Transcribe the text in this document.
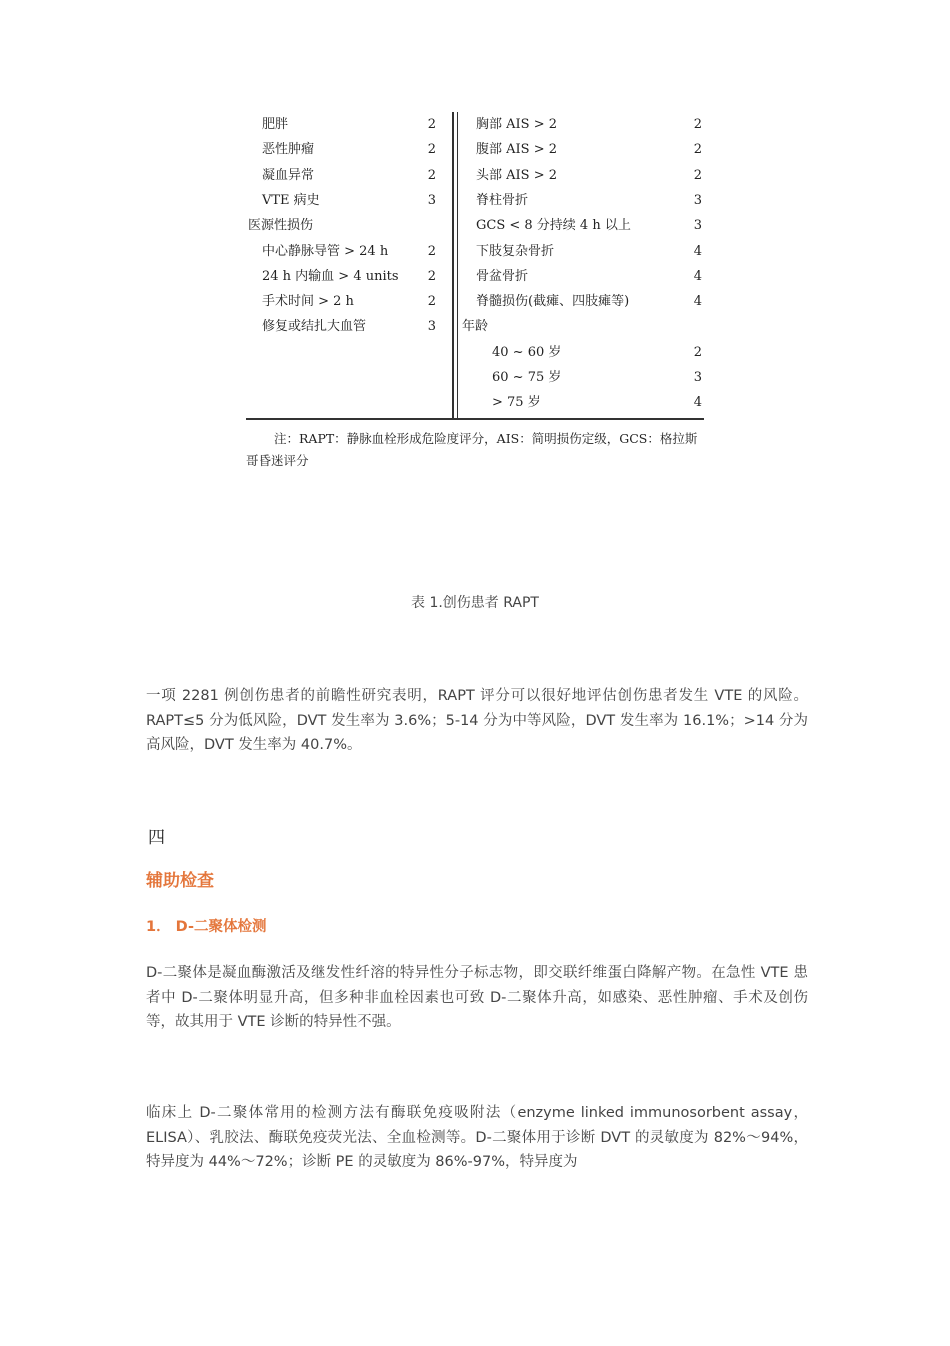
肥胖	2
恶性肿瘤	2
凝血异常	2
VTE 病史	3
医源性损伤
中心静脉导管 > 24 h	2
24 h 内输血 > 4 units 2
手术时间 > 2 h	2
修复或结扎大血管	3
胸部 AIS > 2	2
腹部 AIS > 2	2
头部 AIS > 2	2
脊柱骨折	3
GCS < 8 分持续 4 h 以上	3
下肢复杂骨折	4
骨盆骨折	4
脊髓损伤(截瘫、四肢瘫等)	4
年龄
40 ~ 60 岁	2
60 ~ 75 岁	3
> 75 岁	4
注：RAPT：静脉血栓形成危险度评分，AIS：简明损伤定级，GCS：格拉斯哥昏迷评分
表 1.创伤患者 RAPT
一项 2281 例创伤患者的前瞻性研究表明，RAPT 评分可以很好地评估创伤患者发生 VTE 的风险。RAPT≤5 分为低风险，DVT 发生率为 3.6%；5-14 分为中等风险，DVT 发生率为 16.1%；>14 分为高风险，DVT 发生率为 40.7%。
四
辅助检查
1． D-二聚体检测
D-二聚体是凝血酶激活及继发性纤溶的特异性分子标志物，即交联纤维蛋白降解产物。在急性 VTE 患者中 D-二聚体明显升高，但多种非血栓因素也可致 D-二聚体升高，如感染、恶性肿瘤、手术及创伤等，故其用于 VTE 诊断的特异性不强。
临床上 D-二聚体常用的检测方法有酶联免疫吸附法（enzyme linked immunosorbent assay，ELISA）、乳胶法、酶联免疫荧光法、全血检测等。D-二聚体用于诊断 DVT 的灵敏度为 82%～94%，特异度为 44%～72%；诊断 PE 的灵敏度为 86%-97%，特异度为
